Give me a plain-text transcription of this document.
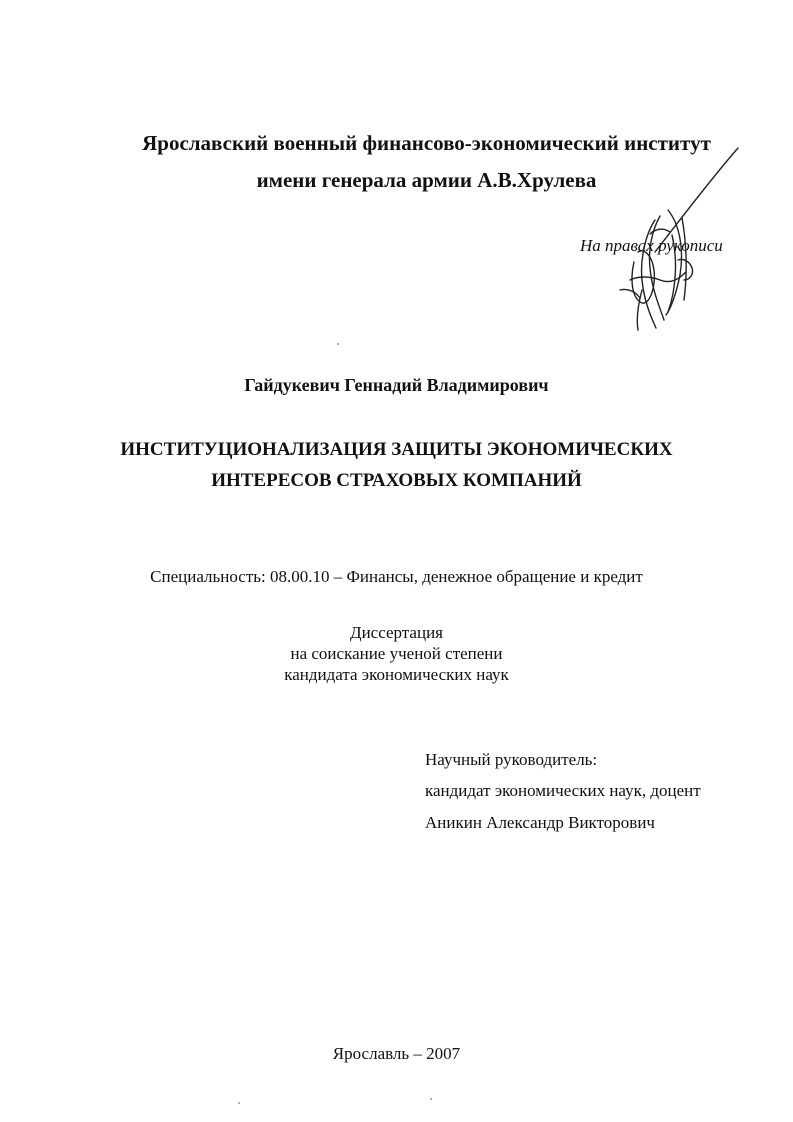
Ярославский военный финансово-экономический институт
имени генерала армии А.В.Хрулева
На правах рукописи
Гайдукевич Геннадий Владимирович
ИНСТИТУЦИОНАЛИЗАЦИЯ ЗАЩИТЫ ЭКОНОМИЧЕСКИХ
ИНТЕРЕСОВ СТРАХОВЫХ КОМПАНИЙ
Специальность: 08.00.10 – Финансы, денежное обращение и кредит
Диссертация
на соискание ученой степени
кандидата экономических наук
Научный руководитель:
кандидат экономических наук, доцент
Аникин Александр Викторович
Ярославль – 2007
